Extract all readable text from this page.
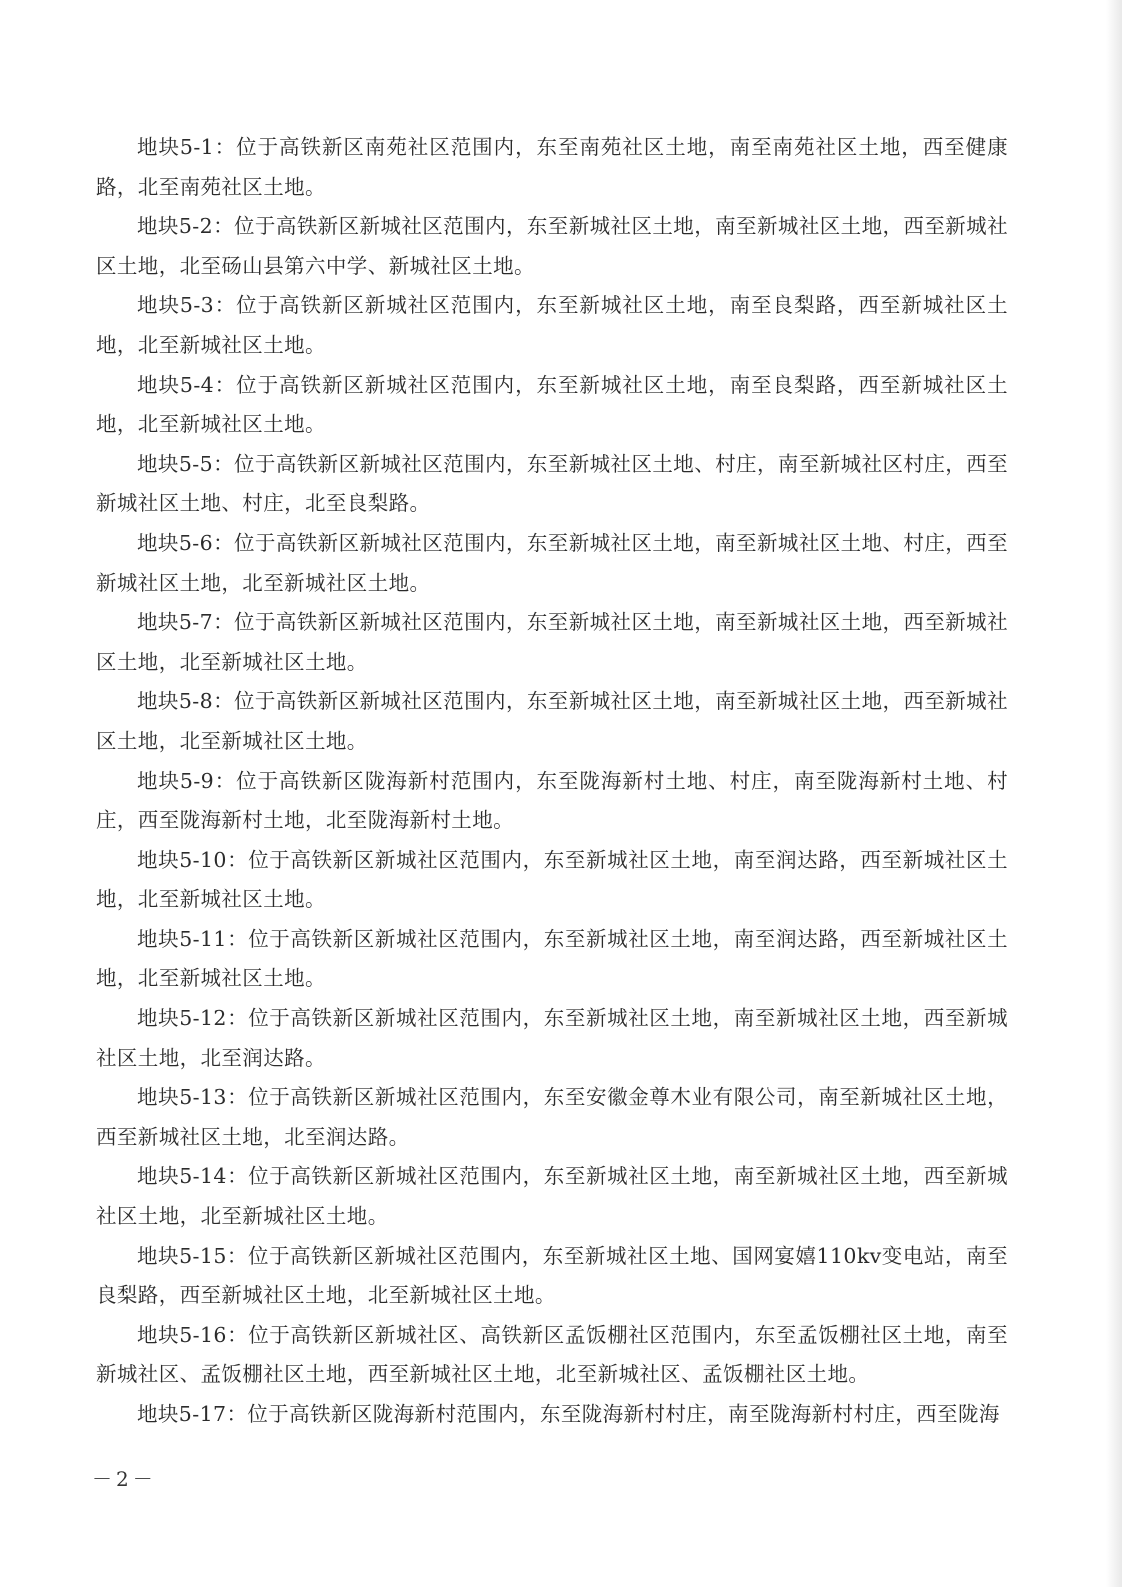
地块5-1：位于高铁新区南苑社区范围内，东至南苑社区土地，南至南苑社区土地，西至健康路，北至南苑社区土地。

地块5-2：位于高铁新区新城社区范围内，东至新城社区土地，南至新城社区土地，西至新城社区土地，北至砀山县第六中学、新城社区土地。

地块5-3：位于高铁新区新城社区范围内，东至新城社区土地，南至良梨路，西至新城社区土地，北至新城社区土地。

地块5-4：位于高铁新区新城社区范围内，东至新城社区土地，南至良梨路，西至新城社区土地，北至新城社区土地。

地块5-5：位于高铁新区新城社区范围内，东至新城社区土地、村庄，南至新城社区村庄，西至新城社区土地、村庄，北至良梨路。

地块5-6：位于高铁新区新城社区范围内，东至新城社区土地，南至新城社区土地、村庄，西至新城社区土地，北至新城社区土地。

地块5-7：位于高铁新区新城社区范围内，东至新城社区土地，南至新城社区土地，西至新城社区土地，北至新城社区土地。

地块5-8：位于高铁新区新城社区范围内，东至新城社区土地，南至新城社区土地，西至新城社区土地，北至新城社区土地。

地块5-9：位于高铁新区陇海新村范围内，东至陇海新村土地、村庄，南至陇海新村土地、村庄，西至陇海新村土地，北至陇海新村土地。

地块5-10：位于高铁新区新城社区范围内，东至新城社区土地，南至润达路，西至新城社区土地，北至新城社区土地。

地块5-11：位于高铁新区新城社区范围内，东至新城社区土地，南至润达路，西至新城社区土地，北至新城社区土地。

地块5-12：位于高铁新区新城社区范围内，东至新城社区土地，南至新城社区土地，西至新城社区土地，北至润达路。

地块5-13：位于高铁新区新城社区范围内，东至安徽金尊木业有限公司，南至新城社区土地，西至新城社区土地，北至润达路。

地块5-14：位于高铁新区新城社区范围内，东至新城社区土地，南至新城社区土地，西至新城社区土地，北至新城社区土地。

地块5-15：位于高铁新区新城社区范围内，东至新城社区土地、国网宴嬉110kv变电站，南至良梨路，西至新城社区土地，北至新城社区土地。

地块5-16：位于高铁新区新城社区、高铁新区孟饭棚社区范围内，东至孟饭棚社区土地，南至新城社区、孟饭棚社区土地，西至新城社区土地，北至新城社区、孟饭棚社区土地。

地块5-17：位于高铁新区陇海新村范围内，东至陇海新村村庄，南至陇海新村村庄，西至陇海

－2－
